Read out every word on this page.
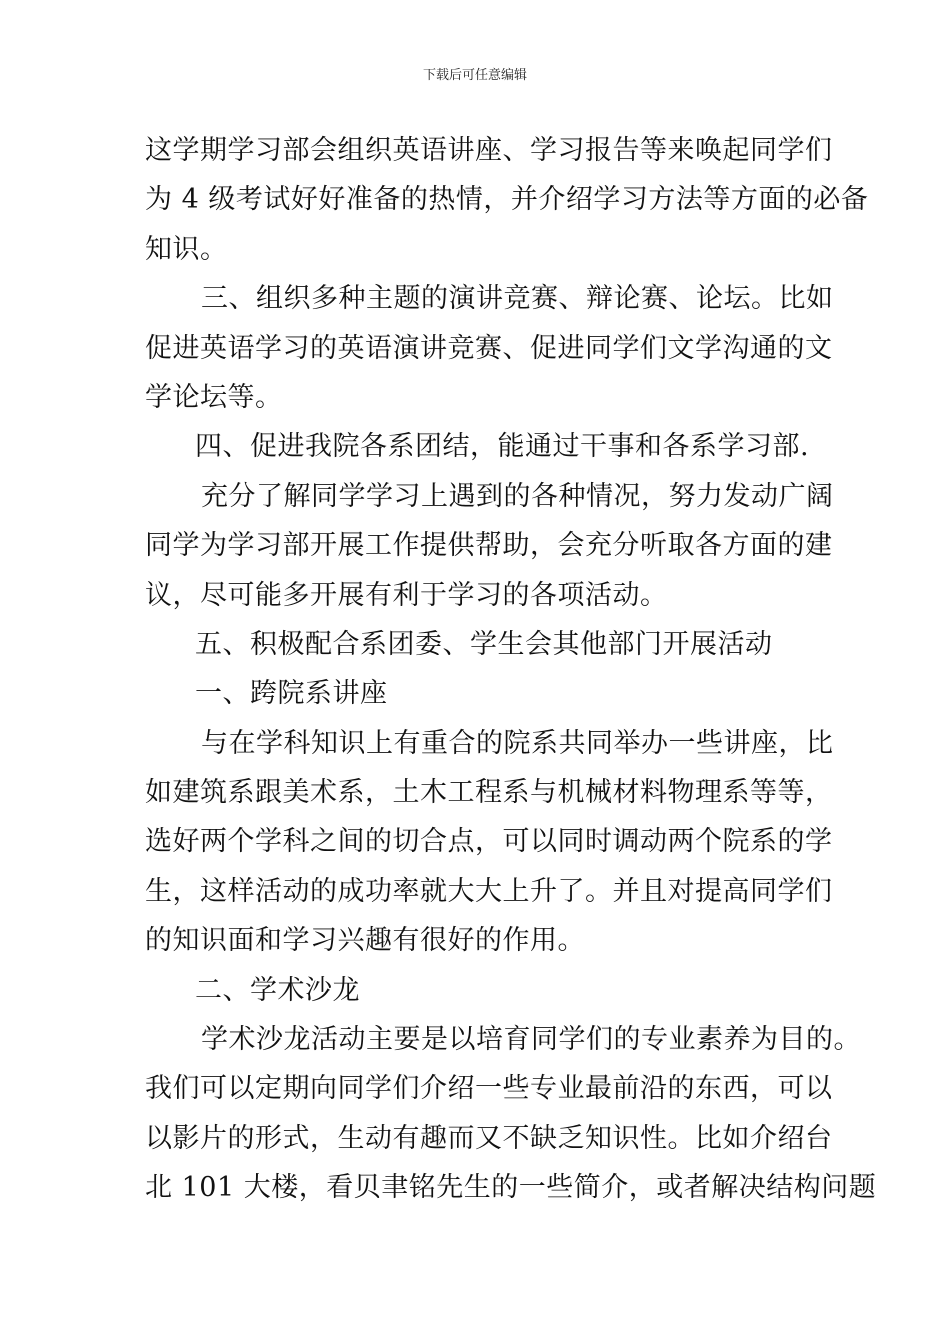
下载后可任意编辑
这学期学习部会组织英语讲座、学习报告等来唤起同学们
为 4 级考试好好准备的热情，并介绍学习方法等方面的必备
知识。
三、组织多种主题的演讲竞赛、辩论赛、论坛。比如
促进英语学习的英语演讲竞赛、促进同学们文学沟通的文
学论坛等。
四、促进我院各系团结，能通过干事和各系学习部.
充分了解同学学习上遇到的各种情况，努力发动广阔
同学为学习部开展工作提供帮助，会充分听取各方面的建
议，尽可能多开展有利于学习的各项活动。
五、积极配合系团委、学生会其他部门开展活动
一、跨院系讲座
与在学科知识上有重合的院系共同举办一些讲座，比
如建筑系跟美术系，土木工程系与机械材料物理系等等，
选好两个学科之间的切合点，可以同时调动两个院系的学
生，这样活动的成功率就大大上升了。并且对提高同学们
的知识面和学习兴趣有很好的作用。
二、学术沙龙
学术沙龙活动主要是以培育同学们的专业素养为目的。
我们可以定期向同学们介绍一些专业最前沿的东西，可以
以影片的形式，生动有趣而又不缺乏知识性。比如介绍台
北 101 大楼，看贝聿铭先生的一些简介，或者解决结构问题
